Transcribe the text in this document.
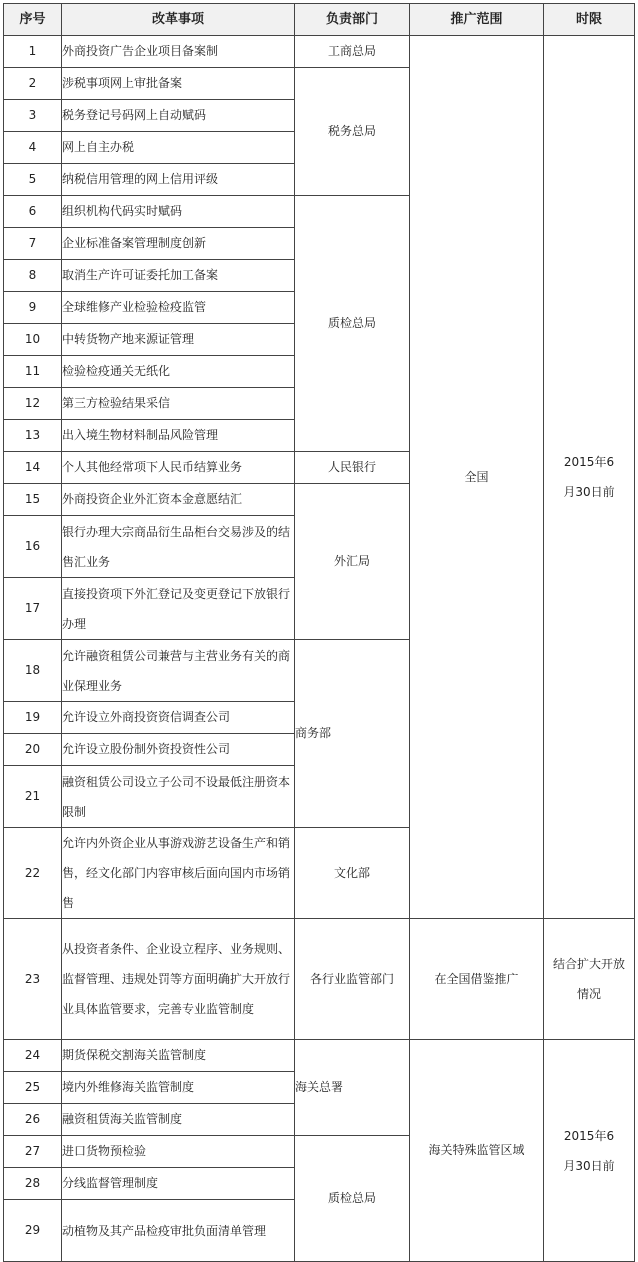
序号	改革事项	负责部门	推广范围	时限
1	外商投资广告企业项目备案制	工商总局	全国	2015年6月30日前

2	涉税事项网上审批备案	税务总局		
3	税务登记号码网上自动赋码			
4	网上自主办税			
5	纳税信用管理的网上信用评级			
6	组织机构代码实时赋码	质检总局		
7	企业标准备案管理制度创新			
8	取消生产许可证委托加工备案			
9	全球维修产业检验检疫监管			
10	中转货物产地来源证管理			
11	检验检疫通关无纸化			
12	第三方检验结果采信			
13	出入境生物材料制品风险管理			
14	个人其他经常项下人民币结算业务	人民银行		
15	外商投资企业外汇资本金意愿结汇	外汇局		
16	银行办理大宗商品衍生品柜台交易涉及的结售汇业务			

17	直接投资项下外汇登记及变更登记下放银行办理			

18	允许融资租赁公司兼营与主营业务有关的商业保理业务	商务部		
19	允许设立外商投资资信调查公司			
20	允许设立股份制外资投资性公司			
21	融资租赁公司设立子公司不设最低注册资本限制			

22	允许内外资企业从事游戏游艺设备生产和销售，经文化部门内容审核后面向国内市场销售	文化部		
23	从投资者条件、企业设立程序、业务规则、监督管理、违规处罚等方面明确扩大开放行业具体监管要求，完善专业监管制度	各行业监管部门	在全国借鉴推广	结合扩大开放情况

24	期货保税交割海关监管制度	海关总署	海关特殊监管区域	2015年6月30日前

25	境内外维修海关监管制度			
26	融资租赁海关监管制度			
27	进口货物预检验	质检总局		
28	分线监督管理制度			
29	动植物及其产品检疫审批负面清单管理			
